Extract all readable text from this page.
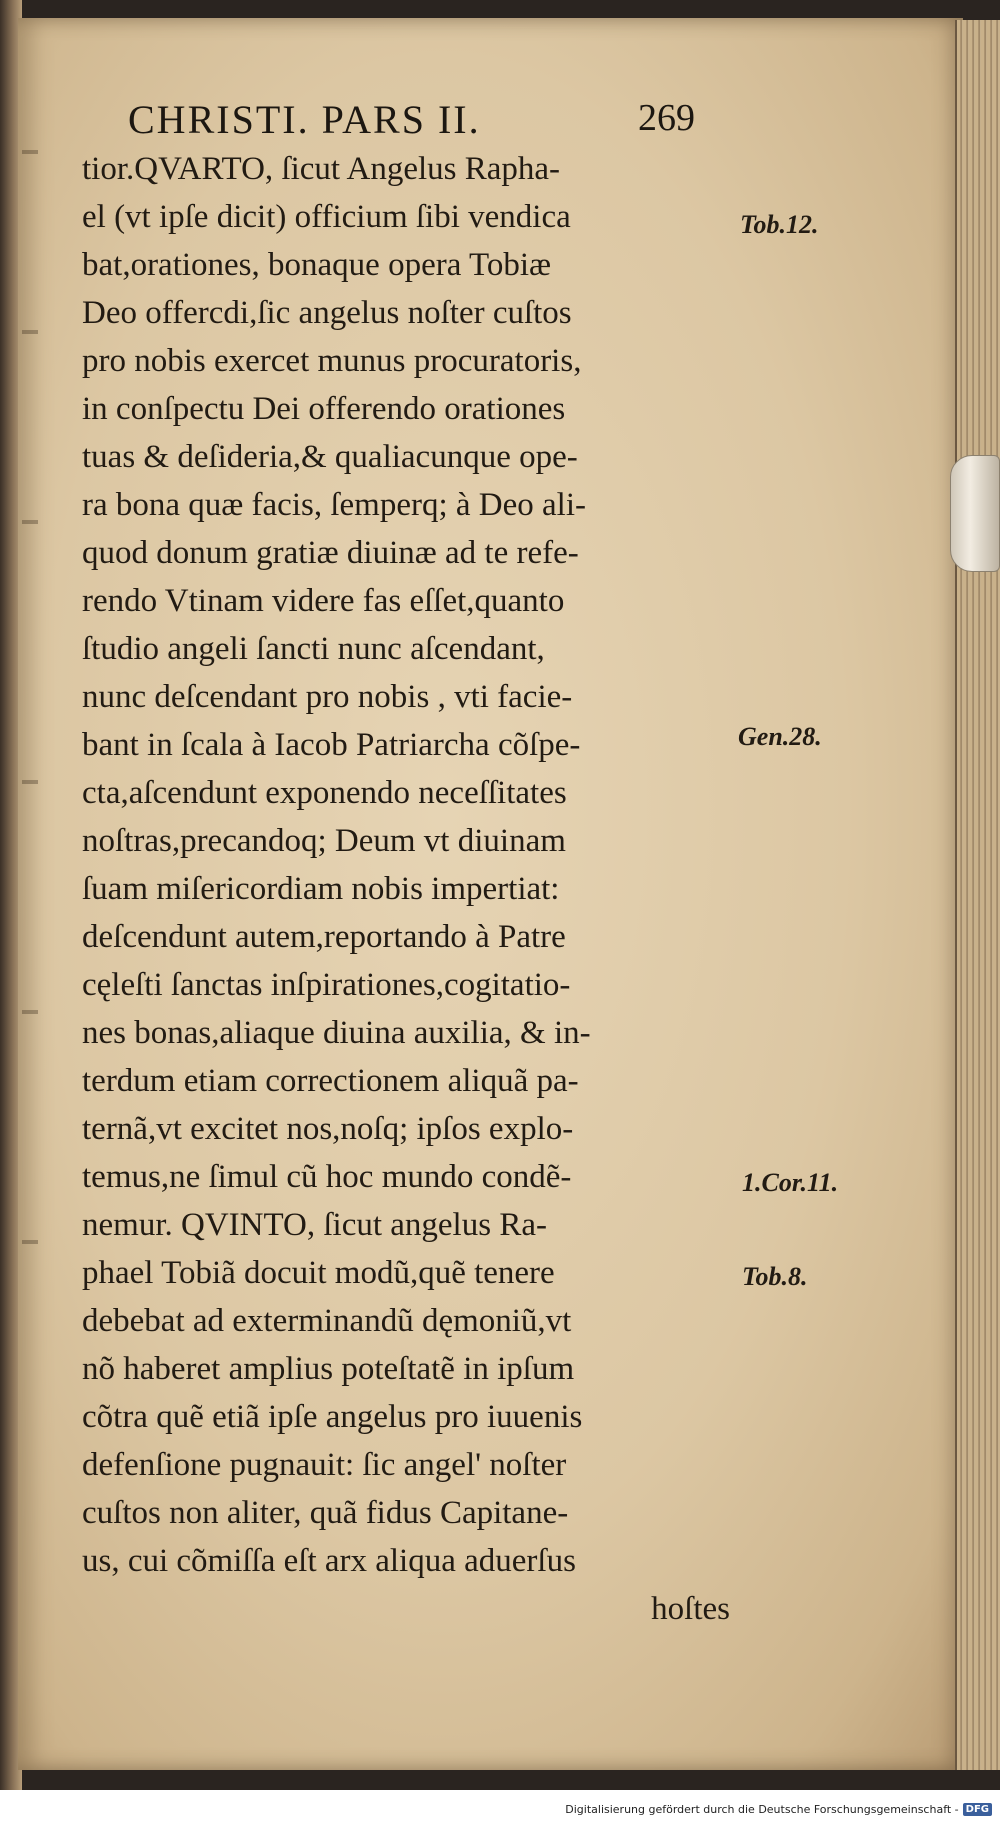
CHRISTI. PARS II.	269
tior.QVARTO, ſicut Angelus Rapha-
el (vt ipſe dicit) officium ſibi vendica
bat,orationes, bonaque opera Tobiæ
Deo offercdi,ſic angelus noſter cuſtos
pro nobis exercet munus procuratoris,
in conſpectu Dei offerendo orationes
tuas & deſideria,& qualiacunque ope-
ra bona quæ facis, ſemperq; à Deo ali-
quod donum gratiæ diuinæ ad te refe-
rendo Vtinam videre fas eſſet,quanto
ſtudio angeli ſancti nunc aſcendant,
nunc deſcendant pro nobis , vti facie-
bant in ſcala à Iacob Patriarcha cõſpe-
cta,aſcendunt exponendo neceſſitates
noſtras,precandoq; Deum vt diuinam
ſuam miſericordiam nobis impertiat:
deſcendunt autem,reportando à Patre
cęleſti ſanctas inſpirationes,cogitatio-
nes bonas,aliaque diuina auxilia, & in-
terdum etiam correctionem aliquã pa-
ternã,vt excitet nos,noſq; ipſos explo-
temus,ne ſimul cũ hoc mundo condẽ-
nemur. QVINTO, ſicut angelus Ra-
phael Tobiã docuit modũ,quẽ tenere
debebat ad exterminandũ dęmoniũ,vt
nõ haberet amplius poteſtatẽ in ipſum
cõtra quẽ etiã ipſe angelus pro iuuenis
defenſione pugnauit: ſic angel' noſter
cuſtos non aliter, quã fidus Capitane-
us, cui cõmiſſa eſt arx aliqua aduerſus
hoſtes
Tob.12.
Gen.28.
1.Cor.11.
Tob.8.
Digitalisierung gefördert durch die Deutsche Forschungsgemeinschaft - DFG
